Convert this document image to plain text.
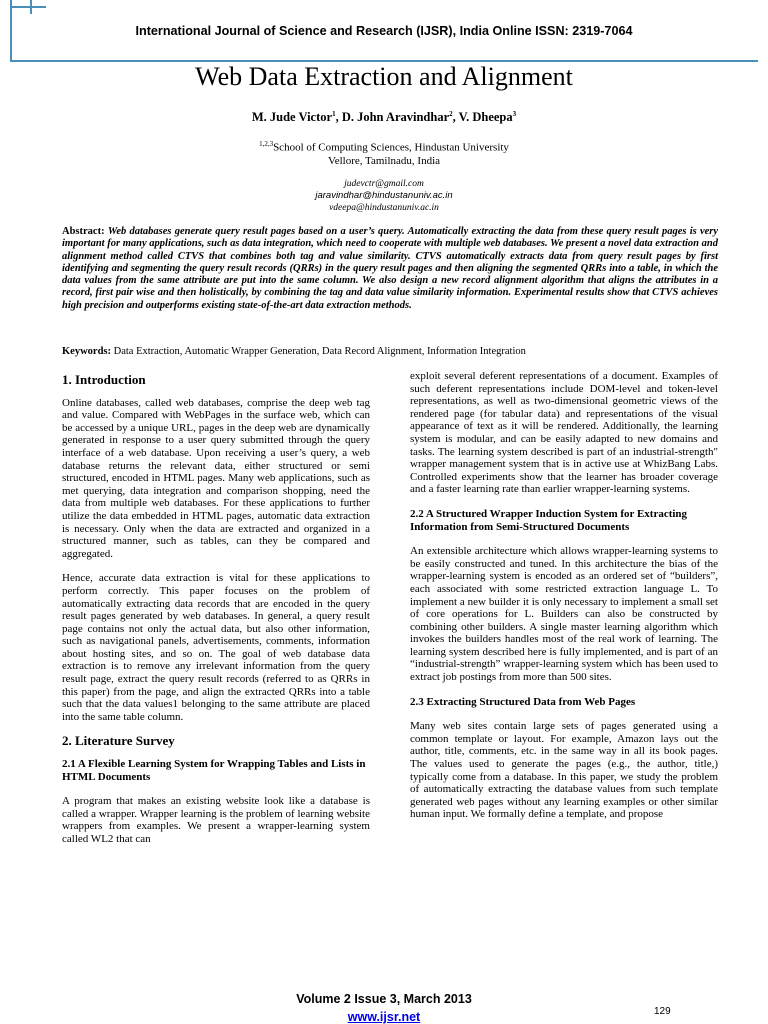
International Journal of Science and Research (IJSR), India Online ISSN: 2319-7064
Web Data Extraction and Alignment
M. Jude Victor$^1$, D. John Aravindhar$^2$, V. Dheepa$^3$
$^{1,2,3}$School of Computing Sciences, Hindustan University
Vellore, Tamilnadu, India
judevctr@gmail.com
jaravindhar@hindustanuniv.ac.in
vdeepa@hindustanuniv.ac.in
Abstract: Web databases generate query result pages based on a user’s query. Automatically extracting the data from these query result pages is very important for many applications, such as data integration, which need to cooperate with multiple web databases. We present a novel data extraction and alignment method called CTVS that combines both tag and value similarity. CTVS automatically extracts data from query result pages by first identifying and segmenting the query result records (QRRs) in the query result pages and then aligning the segmented QRRs into a table, in which the data values from the same attribute are put into the same column. We also design a new record alignment algorithm that aligns the attributes in a record, first pair wise and then holistically, by combining the tag and data value similarity information. Experimental results show that CTVS achieves high precision and outperforms existing state-of-the-art data extraction methods.
Keywords: Data Extraction, Automatic Wrapper Generation, Data Record Alignment, Information Integration
1. Introduction

Online databases, called web databases, comprise the deep web tag and value. Compared with WebPages in the surface web, which can be accessed by a unique URL, pages in the deep web are dynamically generated in response to a user query submitted through the query interface of a web database. Upon receiving a user’s query, a web database returns the relevant data, either structured or semi structured, encoded in HTML pages. Many web applications, such as met querying, data integration and comparison shopping, need the data from multiple web databases. For these applications to further utilize the data embedded in HTML pages, automatic data extraction is necessary. Only when the data are extracted and organized in a structured manner, such as tables, can they be compared and aggregated.

Hence, accurate data extraction is vital for these applications to perform correctly. This paper focuses on the problem of automatically extracting data records that are encoded in the query result pages generated by web databases. In general, a query result page contains not only the actual data, but also other information, such as navigational panels, advertisements, comments, information about hosting sites, and so on. The goal of web database data extraction is to remove any irrelevant information from the query result page, extract the query result records (referred to as QRRs in this paper) from the page, and align the extracted QRRs into a table such that the data values1 belonging to the same attribute are placed into the same table column.

2. Literature Survey
2.1 A Flexible Learning System for Wrapping Tables and Lists in HTML Documents

A program that makes an existing website look like a database is called a wrapper. Wrapper learning is the problem of learning website wrappers from examples. We present a wrapper-learning system called WL2 that can

exploit several deferent representations of a document. Examples of such deferent representations include DOM-level and token-level representations, as well as two-dimensional geometric views of the rendered page (for tabular data) and representations of the visual appearance of text as it will be rendered. Additionally, the learning system is modular, and can be easily adapted to new domains and tasks. The learning system described is part of an industrial-strength" wrapper management system that is in active use at WhizBang Labs. Controlled experiments show that the learner has broader coverage and a faster learning rate than earlier wrapper-learning systems.

2.2 A Structured Wrapper Induction System for Extracting Information from Semi-Structured Documents

An extensible architecture which allows wrapper-learning systems to be easily constructed and tuned. In this architecture the bias of the wrapper-learning system is encoded as an ordered set of “builders”, each associated with some restricted extraction language L. To implement a new builder it is only necessary to implement a small set of core operations for L. Builders can also be constructed by combining other builders. A single master learning algorithm which invokes the builders handles most of the real work of learning. The learning system described here is fully implemented, and is part of an “industrial-strength” wrapper-learning system which has been used to extract job postings from more than 500 sites.

2.3 Extracting Structured Data from Web Pages

Many web sites contain large sets of pages generated using a common template or layout. For example, Amazon lays out the author, title, comments, etc. in the same way in all its book pages. The values used to generate the pages (e.g., the author, title,) typically come from a database. In this paper, we study the problem of automatically extracting the database values from such template generated web pages without any learning examples or other similar human input. We formally define a template, and propose

Volume 2 Issue 3, March 2013
www.ijsr.net	129
